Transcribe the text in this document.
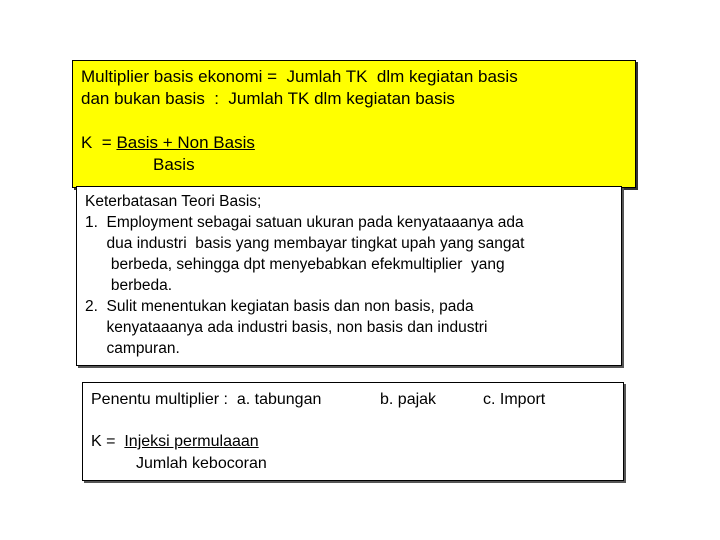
Multiplier basis ekonomi =  Jumlah TK  dlm kegiatan basis
dan bukan basis  :  Jumlah TK dlm kegiatan basis
K  = Basis + Non Basis
Basis
Keterbatasan Teori Basis;
1.  Employment sebagai satuan ukuran pada kenyataaanya ada
dua industri  basis yang membayar tingkat upah yang sangat
berbeda, sehingga dpt menyebabkan efekmultiplier  yang
berbeda.
2.  Sulit menentukan kegiatan basis dan non basis, pada
kenyataaanya ada industri basis, non basis dan industri
campuran.
Penentu multiplier :  a. tabungan	b. pajak	c. Import
K =  Injeksi permulaaan
Jumlah kebocoran
